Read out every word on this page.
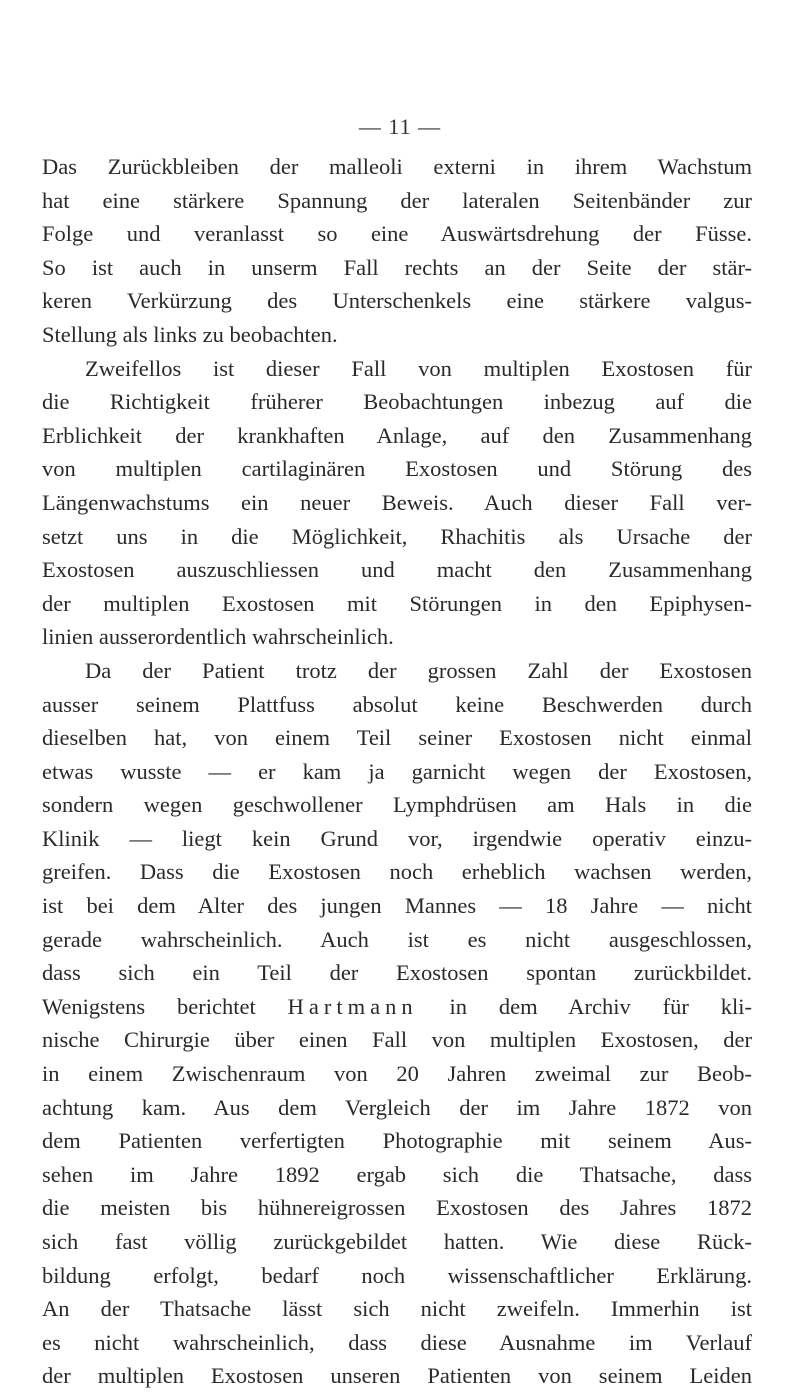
— 11 —
Das Zurückbleiben der malleoli externi in ihrem Wachstum
hat eine stärkere Spannung der lateralen Seitenbänder zur
Folge und veranlasst so eine Auswärtsdrehung der Füsse.
So ist auch in unserm Fall rechts an der Seite der stär-
keren Verkürzung des Unterschenkels eine stärkere valgus-
Stellung als links zu beobachten.
Zweifellos ist dieser Fall von multiplen Exostosen für
die Richtigkeit früherer Beobachtungen inbezug auf die
Erblichkeit der krankhaften Anlage, auf den Zusammenhang
von multiplen cartilaginären Exostosen und Störung des
Längenwachstums ein neuer Beweis. Auch dieser Fall ver-
setzt uns in die Möglichkeit, Rhachitis als Ursache der
Exostosen auszuschliessen und macht den Zusammenhang
der multiplen Exostosen mit Störungen in den Epiphysen-
linien ausserordentlich wahrscheinlich.
Da der Patient trotz der grossen Zahl der Exostosen
ausser seinem Plattfuss absolut keine Beschwerden durch
dieselben hat, von einem Teil seiner Exostosen nicht einmal
etwas wusste — er kam ja garnicht wegen der Exostosen,
sondern wegen geschwollener Lymphdrüsen am Hals in die
Klinik — liegt kein Grund vor, irgendwie operativ einzu-
greifen. Dass die Exostosen noch erheblich wachsen werden,
ist bei dem Alter des jungen Mannes — 18 Jahre — nicht
gerade wahrscheinlich. Auch ist es nicht ausgeschlossen,
dass sich ein Teil der Exostosen spontan zurückbildet.
Wenigstens berichtet Hartmann in dem Archiv für kli-
nische Chirurgie über einen Fall von multiplen Exostosen, der
in einem Zwischenraum von 20 Jahren zweimal zur Beob-
achtung kam. Aus dem Vergleich der im Jahre 1872 von
dem Patienten verfertigten Photographie mit seinem Aus-
sehen im Jahre 1892 ergab sich die Thatsache, dass
die meisten bis hühnereigrossen Exostosen des Jahres 1872
sich fast völlig zurückgebildet hatten. Wie diese Rück-
bildung erfolgt, bedarf noch wissenschaftlicher Erklärung.
An der Thatsache lässt sich nicht zweifeln. Immerhin ist
es nicht wahrscheinlich, dass diese Ausnahme im Verlauf
der multiplen Exostosen unseren Patienten von seinem Leiden
